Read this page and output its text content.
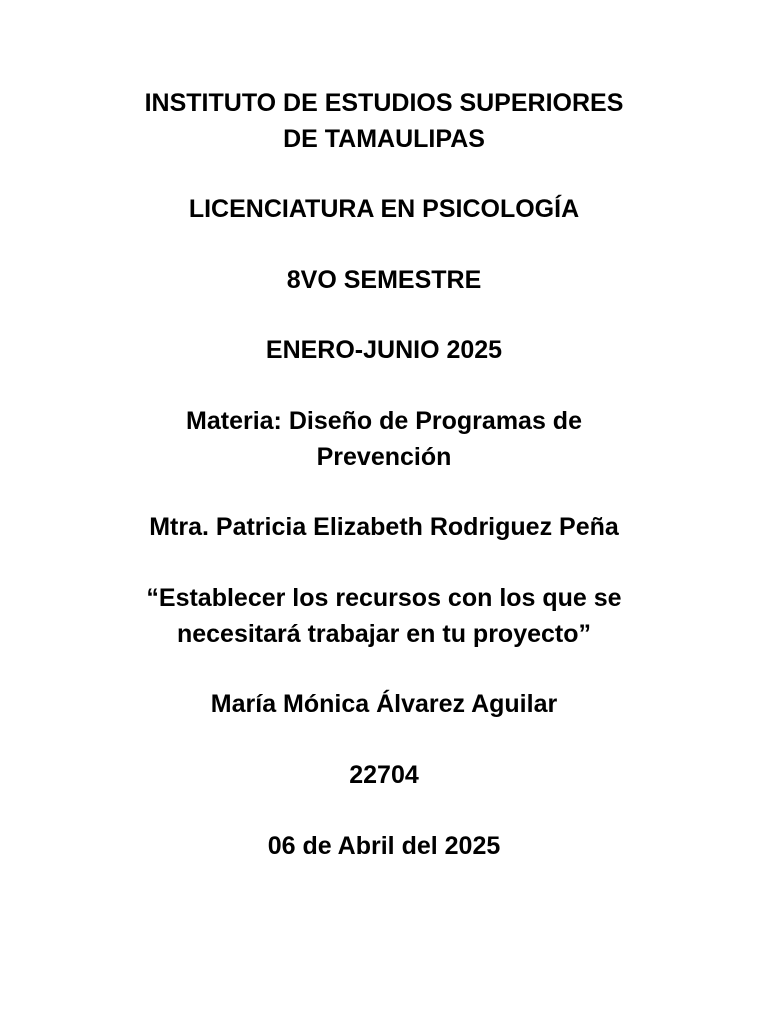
INSTITUTO DE ESTUDIOS SUPERIORES
DE TAMAULIPAS
LICENCIATURA EN PSICOLOGÍA
8VO SEMESTRE
ENERO-JUNIO 2025
Materia: Diseño de Programas de
Prevención
Mtra. Patricia Elizabeth Rodriguez Peña
“Establecer los recursos con los que se
necesitará trabajar en tu proyecto”
María Mónica Álvarez Aguilar
22704
06 de Abril del 2025
